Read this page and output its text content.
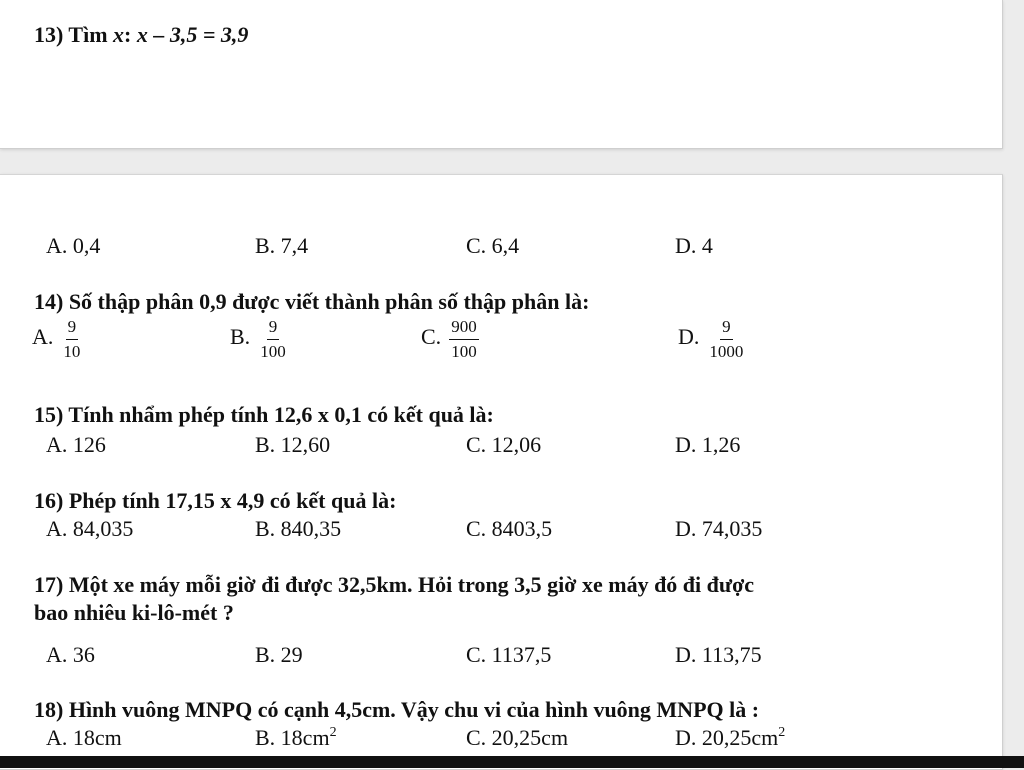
13) Tìm x: x – 3,5 = 3,9
A. 0,4	B. 7,4	C. 6,4	D. 4
14) Số thập phân 0,9 được viết thành phân số thập phân là:
A. $\frac{9}{10}$	B. $\frac{9}{100}$	C. $\frac{900}{100}$	D. $\frac{9}{1000}$
15) Tính nhẩm phép tính 12,6 x 0,1 có kết quả là:
A. 126	B. 12,60	C. 12,06	D. 1,26
16) Phép tính 17,15 x 4,9 có kết quả là:
A. 84,035	B. 840,35	C. 8403,5	D. 74,035
17) Một xe máy mỗi giờ đi được 32,5km. Hỏi trong 3,5 giờ xe máy đó đi được
bao nhiêu ki-lô-mét ?
A. 36	B. 29	C. 1137,5	D. 113,75
18) Hình vuông MNPQ có cạnh 4,5cm. Vậy chu vi của hình vuông MNPQ là :
A. 18cm	B. $18cm^2$	C. 20,25cm	D. $20,25cm^2$
